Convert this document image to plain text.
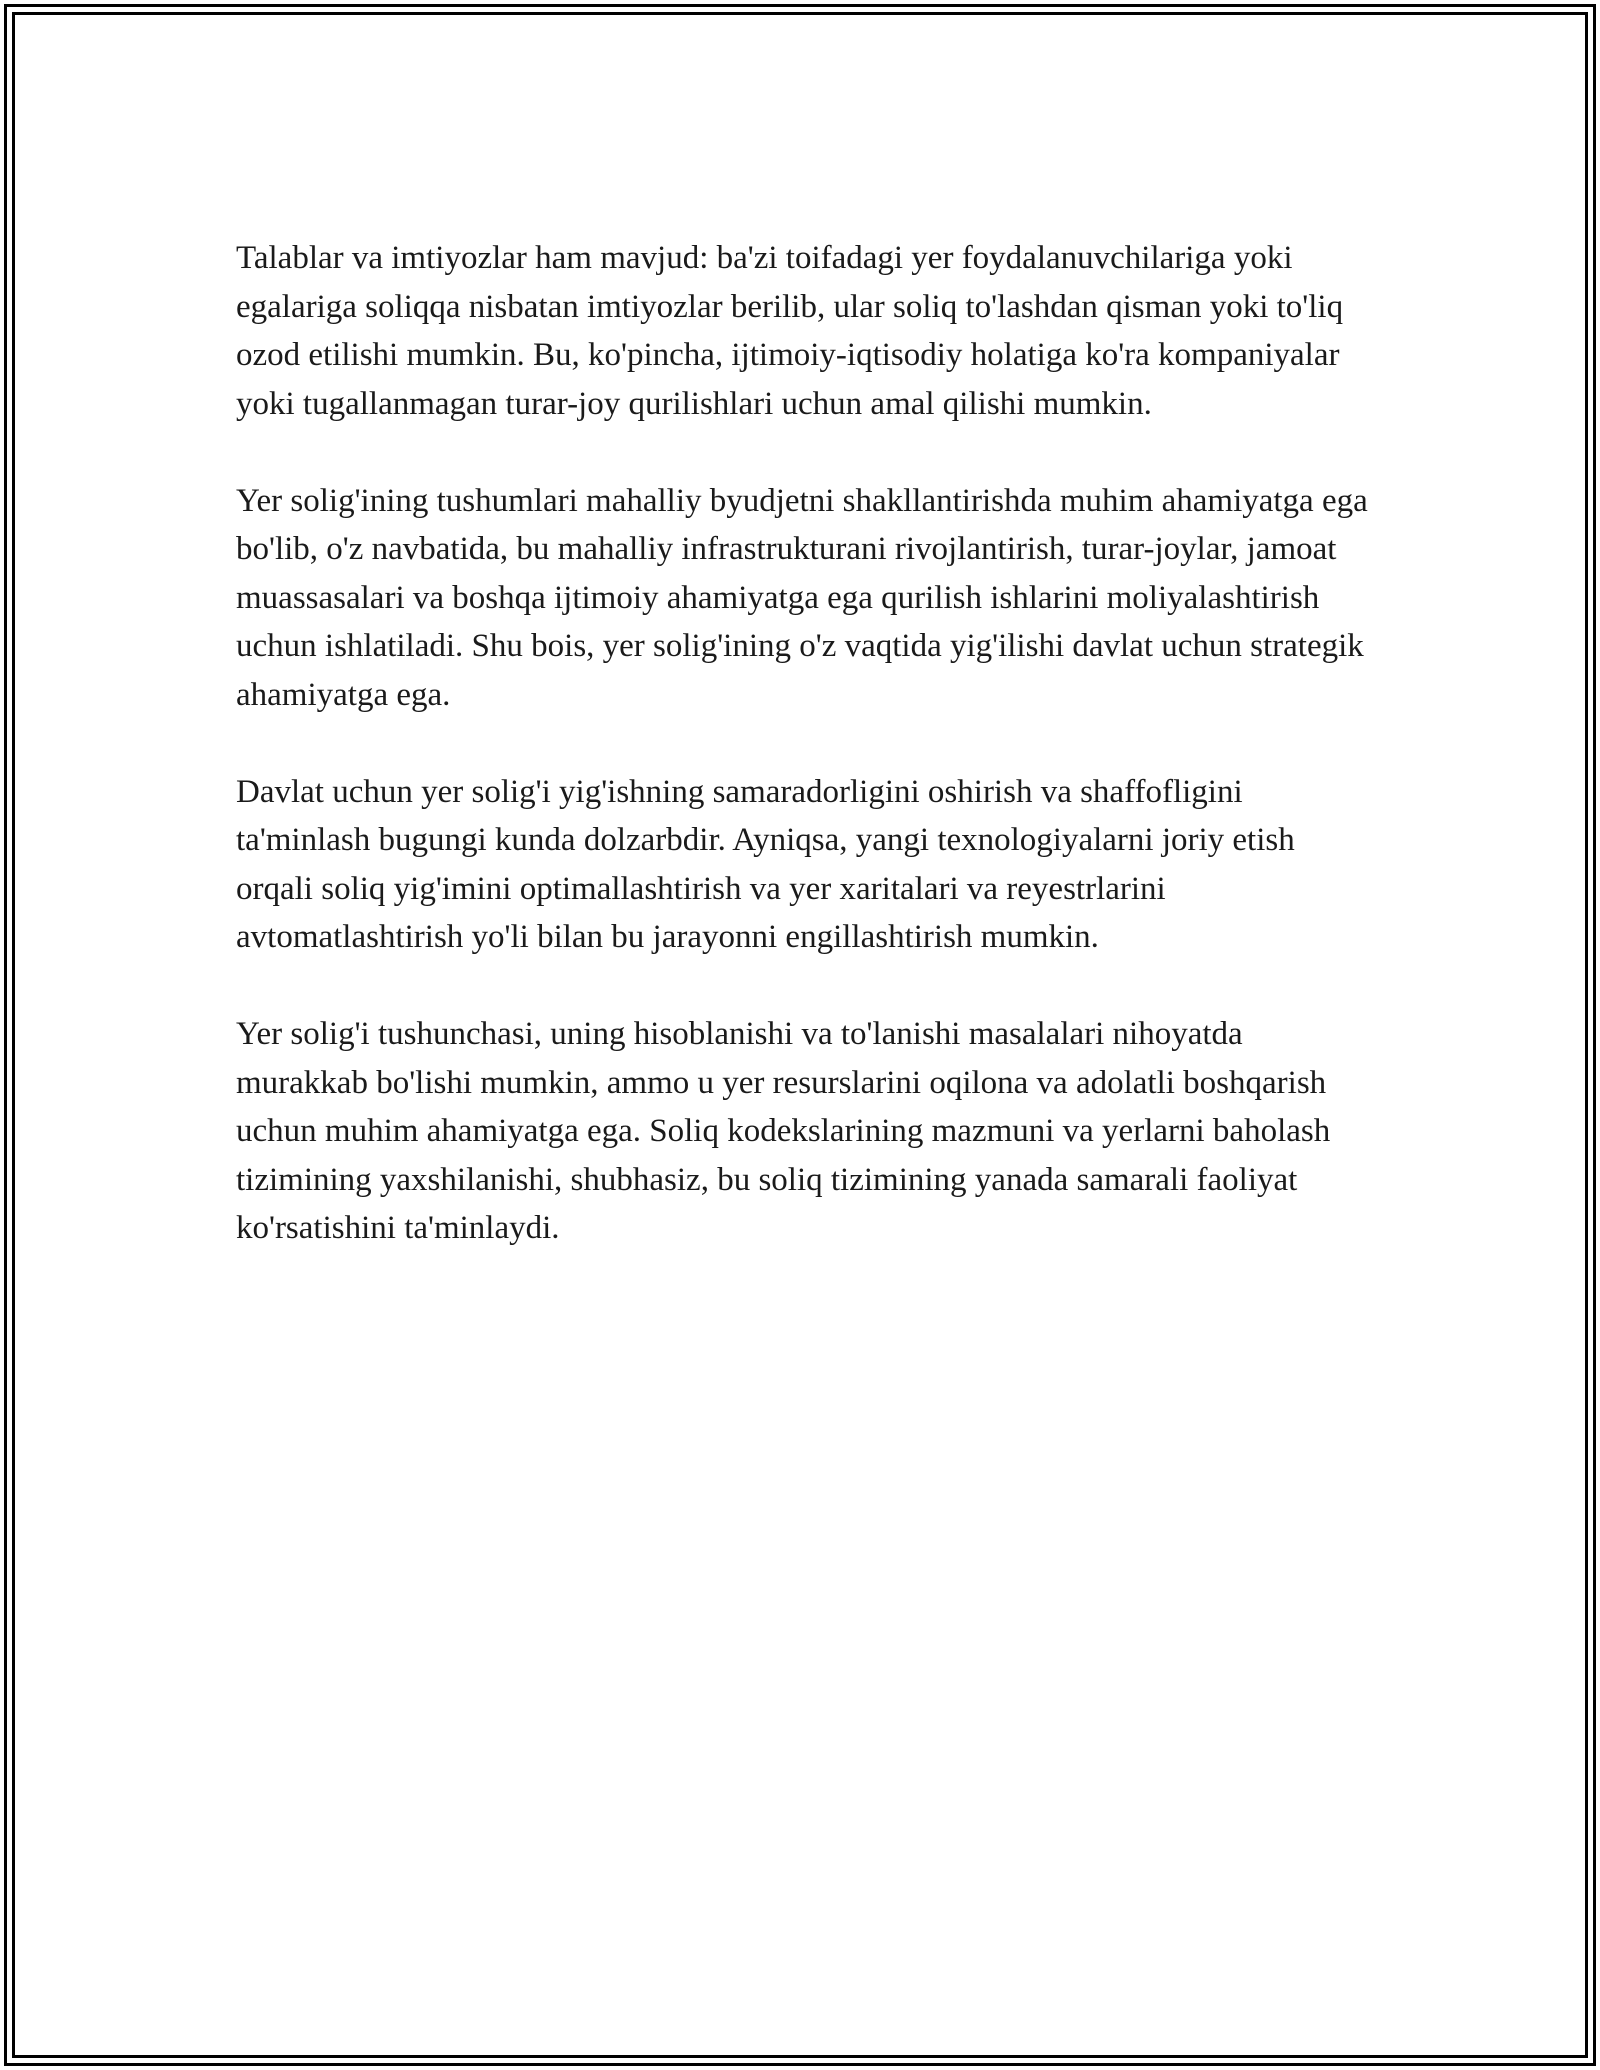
Talablar va imtiyozlar ham mavjud: ba'zi toifadagi yer foydalanuvchilariga yoki egalariga soliqqa nisbatan imtiyozlar berilib, ular soliq to'lashdan qisman yoki to'liq ozod etilishi mumkin. Bu, ko'pincha, ijtimoiy-iqtisodiy holatiga ko'ra kompaniyalar yoki tugallanmagan turar-joy qurilishlari uchun amal qilishi mumkin.

Yer solig'ining tushumlari mahalliy byudjetni shakllantirishda muhim ahamiyatga ega bo'lib, o'z navbatida, bu mahalliy infrastrukturani rivojlantirish, turar-joylar, jamoat muassasalari va boshqa ijtimoiy ahamiyatga ega qurilish ishlarini moliyalashtirish uchun ishlatiladi. Shu bois, yer solig'ining o'z vaqtida yig'ilishi davlat uchun strategik ahamiyatga ega.

Davlat uchun yer solig'i yig'ishning samaradorligini oshirish va shaffofligini ta'minlash bugungi kunda dolzarbdir. Ayniqsa, yangi texnologiyalarni joriy etish orqali soliq yig'imini optimallashtirish va yer xaritalari va reyestrlarini avtomatlashtirish yo'li bilan bu jarayonni engillashtirish mumkin.

Yer solig'i tushunchasi, uning hisoblanishi va to'lanishi masalalari nihoyatda murakkab bo'lishi mumkin, ammo u yer resurslarini oqilona va adolatli boshqarish uchun muhim ahamiyatga ega. Soliq kodekslarining mazmuni va yerlarni baholash tizimining yaxshilanishi, shubhasiz, bu soliq tizimining yanada samarali faoliyat ko'rsatishini ta'minlaydi.
